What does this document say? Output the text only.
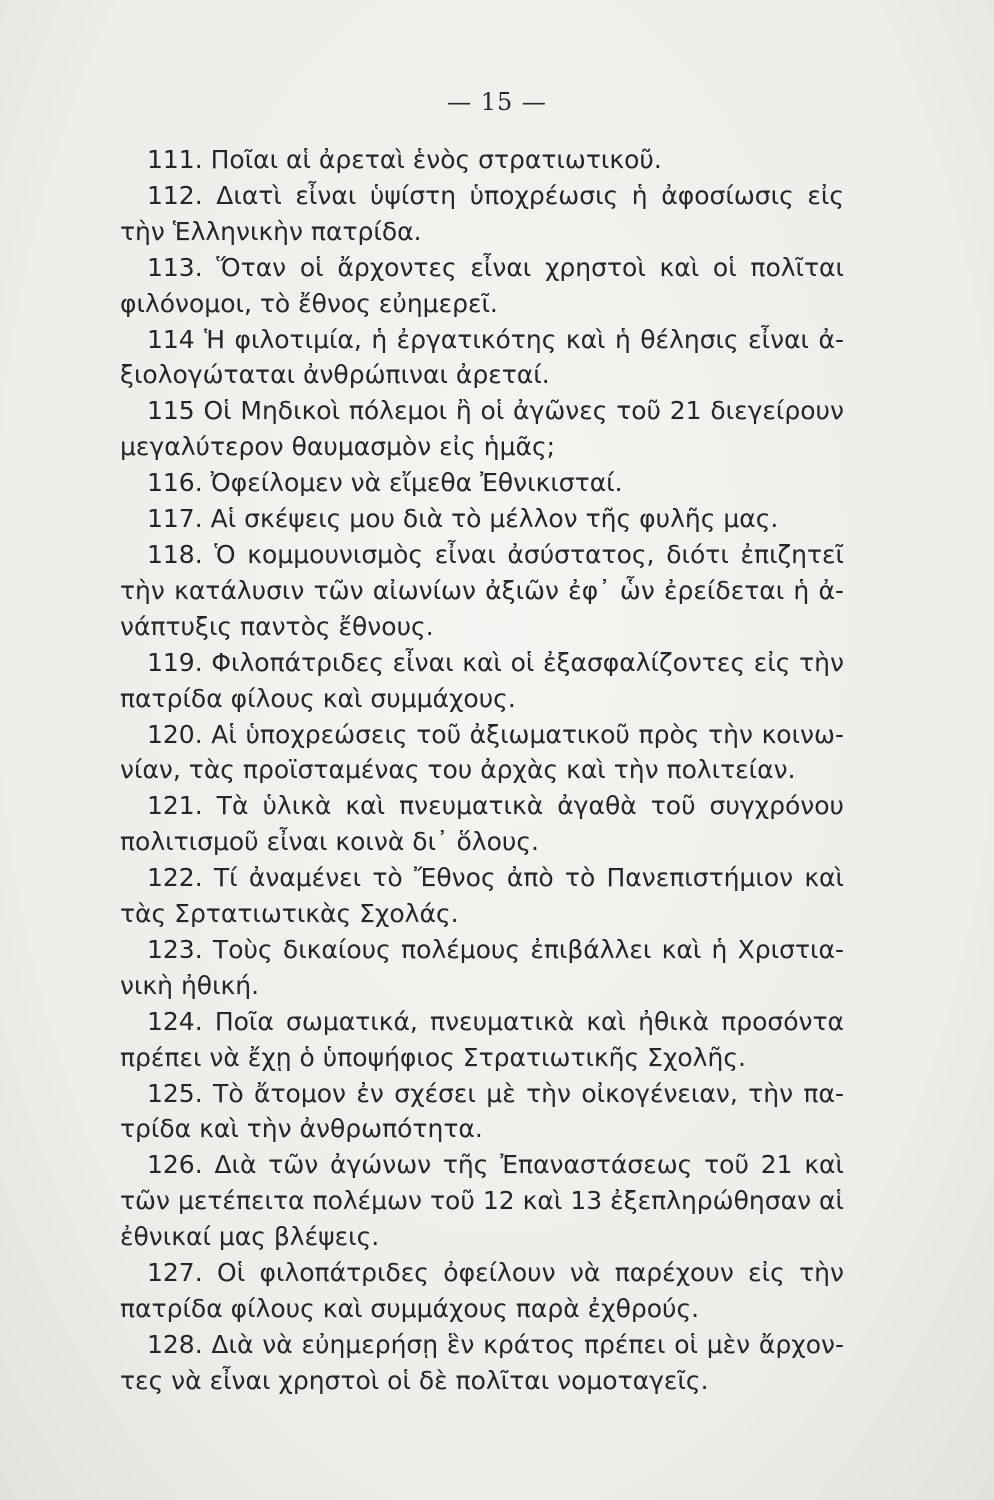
— 15 —

111. Ποῖαι αἱ ἀρεταὶ ἑνὸς στρατιωτικοῦ.

112. Διατὶ εἶναι ὑψίστη ὑποχρέωσις ἡ ἀφοσίωσις εἰς τὴν Ἑλληνικὴν πατρίδα.

113. Ὅταν οἱ ἄρχοντες εἶναι χρηστοὶ καὶ οἱ πολῖται φιλόνομοι, τὸ ἔθνος εὐημερεῖ.

114 Ἡ φιλοτιμία, ἡ ἐργατικότης καὶ ἡ θέλησις εἶναι ἀξιολογώταται ἀνθρώπιναι ἀρεταί.

115 Οἱ Μηδικοὶ πόλεμοι ἢ οἱ ἀγῶνες τοῦ 21 διεγείρουν μεγαλύτερον θαυμασμὸν εἰς ἡμᾶς;

116. Ὀφείλομεν νὰ εἴμεθα Ἐθνικισταί.

117. Αἱ σκέψεις μου διὰ τὸ μέλλον τῆς φυλῆς μας.

118. Ὁ κομμουνισμὸς εἶναι ἀσύστατος, διότι ἐπιζητεῖ τὴν κατάλυσιν τῶν αἰωνίων ἀξιῶν ἐφ᾽ ὧν ἐρείδεται ἡ ἀνάπτυξις παντὸς ἔθνους.

119. Φιλοπάτριδες εἶναι καὶ οἱ ἐξασφαλίζοντες εἰς τὴν πατρίδα φίλους καὶ συμμάχους.

120. Αἱ ὑποχρεώσεις τοῦ ἀξιωματικοῦ πρὸς τὴν κοινωνίαν, τὰς προϊσταμένας του ἀρχὰς καὶ τὴν πολιτείαν.

121. Τὰ ὑλικὰ καὶ πνευματικὰ ἀγαθὰ τοῦ συγχρόνου πολιτισμοῦ εἶναι κοινὰ δι᾽ ὅλους.

122. Τί ἀναμένει τὸ Ἔθνος ἀπὸ τὸ Πανεπιστήμιον καὶ τὰς Σρτατιωτικὰς Σχολάς.

123. Τοὺς δικαίους πολέμους ἐπιβάλλει καὶ ἡ Χριστιανικὴ ἠθική.

124. Ποῖα σωματικά, πνευματικὰ καὶ ἠθικὰ προσόντα πρέπει νὰ ἔχῃ ὁ ὑποψήφιος Στρατιωτικῆς Σχολῆς.

125. Τὸ ἄτομον ἐν σχέσει μὲ τὴν οἰκογένειαν, τὴν πατρίδα καὶ τὴν ἀνθρωπότητα.

126. Διὰ τῶν ἀγώνων τῆς Ἐπαναστάσεως τοῦ 21 καὶ τῶν μετέπειτα πολέμων τοῦ 12 καὶ 13 ἐξεπληρώθησαν αἱ ἐθνικαί μας βλέψεις.

127. Οἱ φιλοπάτριδες ὀφείλουν νὰ παρέχουν εἰς τὴν πατρίδα φίλους καὶ συμμάχους παρὰ ἐχθρούς.

128. Διὰ νὰ εὐημερήσῃ ἓν κράτος πρέπει οἱ μὲν ἄρχοντες νὰ εἶναι χρηστοὶ οἱ δὲ πολῖται νομοταγεῖς.
